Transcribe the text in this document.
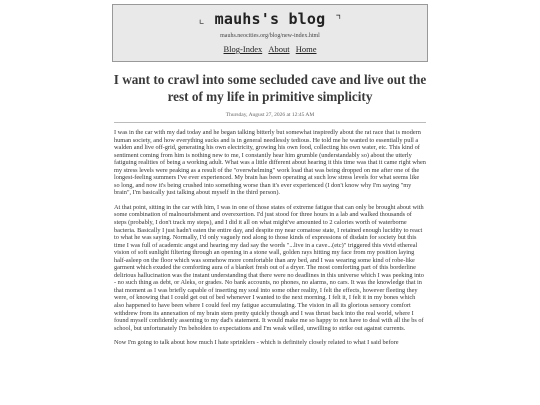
⌞ mauhs's blog ⌝
mauhs.neocities.org/blog/new-index.html
Blog-Index About Home
I want to crawl into some secluded cave and live out the rest of my life in primitive simplicity
Thursday, August 27, 2026 at 12:45 AM

I was in the car with my dad today and he began talking bitterly but somewhat inspiredly about the rat race that is modern human society, and how everything sucks and is in general needlessly tedious. He told me he wanted to essentially pull a walden and live off-grid, generating his own electricity, growing his own food, collecting his own water, etc. This kind of sentiment coming from him is nothing new to me, I constantly hear him grumble (understandably so) about the utterly fatiguing realities of being a working adult. What was a little different about hearing it this time was that it came right when my stress levels were peaking as a result of the "overwhelming" work load that was being dropped on me after one of the longest-feeling summers I've ever experienced. My brain has been operating at such low stress levels for what seems like so long, and now it's being crushed into something worse than it's ever experienced (I don't know why I'm saying "my brain", I'm basically just talking about myself in the third person).

At that point, sitting in the car with him, I was in one of those states of extreme fatigue that can only be brought about with some combination of malnourishment and overexertion. I'd just stood for three hours in a lab and walked thousands of steps (probably, I don't track my steps), and I did it all on what might've amounted to 2 calories worth of waterborne bacteria. Basically I just hadn't eaten the entire day, and despite my near comatose state, I retained enough lucidity to react to what he was saying. Normally, I'd only vaguely nod along to those kinds of expressions of disdain for society but this time I was full of academic angst and hearing my dad say the words "...live in a cave...(etc)" triggered this vivid ethereal vision of soft sunlight filtering through an opening in a stone wall, golden rays hitting my face from my position laying half-asleep on the floor which was somehow more comfortable than any bed, and I was wearing some kind of robe-like garment which exuded the comforting aura of a blanket fresh out of a dryer. The most comforting part of this borderline delirious hallucination was the instant understanding that there were no deadlines in this universe which I was peeking into - no such thing as debt, or Aleks, or grades. No bank accounts, no phones, no alarms, no cars. It was the knowledge that in that moment as I was briefly capable of inserting my soul into some other reality, I felt the effects, however fleeting they were, of knowing that I could get out of bed whenever I wanted to the next morning. I felt it, I felt it in my bones which also happened to have been where I could feel my fatigue accumulating. The vision in all its glorious sensory comfort withdrew from its annexation of my brain stem pretty quickly though and I was thrust back into the real world, where I found myself confidently assenting to my dad's statement. It would make me so happy to not have to deal with all the bs of school, but unfortunately I'm beholden to expectations and I'm weak willed, unwilling to strike out against currents.

Now I'm going to talk about how much I hate sprinklers - which is definitely closely related to what I said before
